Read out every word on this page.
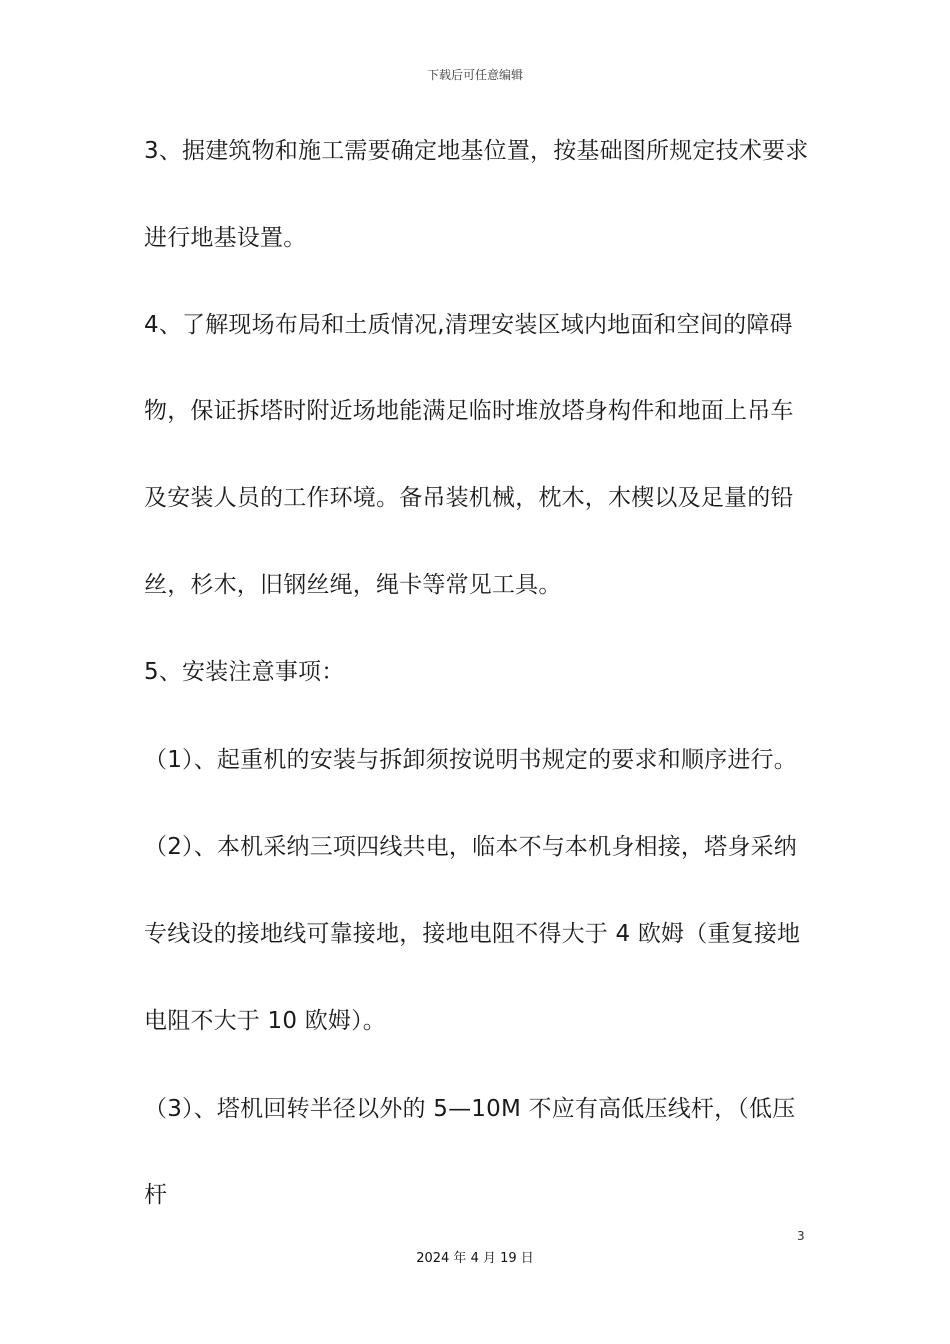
下载后可任意编辑
3、据建筑物和施工需要确定地基位置，按基础图所规定技术要求
进行地基设置。
4、了解现场布局和土质情况,清理安装区域内地面和空间的障碍
物，保证拆塔时附近场地能满足临时堆放塔身构件和地面上吊车
及安装人员的工作环境。备吊装机械，枕木，木楔以及足量的铅
丝，杉木，旧钢丝绳，绳卡等常见工具。
5、安装注意事项：
（1）、起重机的安装与拆卸须按说明书规定的要求和顺序进行。
（2）、本机采纳三项四线共电，临本不与本机身相接，塔身采纳
专线设的接地线可靠接地，接地电阻不得大于 4 欧姆（重复接地
电阻不大于 10 欧姆）。
（3）、塔机回转半径以外的 5—10M 不应有高低压线杆，（低压
杆
3
2024 年 4 月 19 日
